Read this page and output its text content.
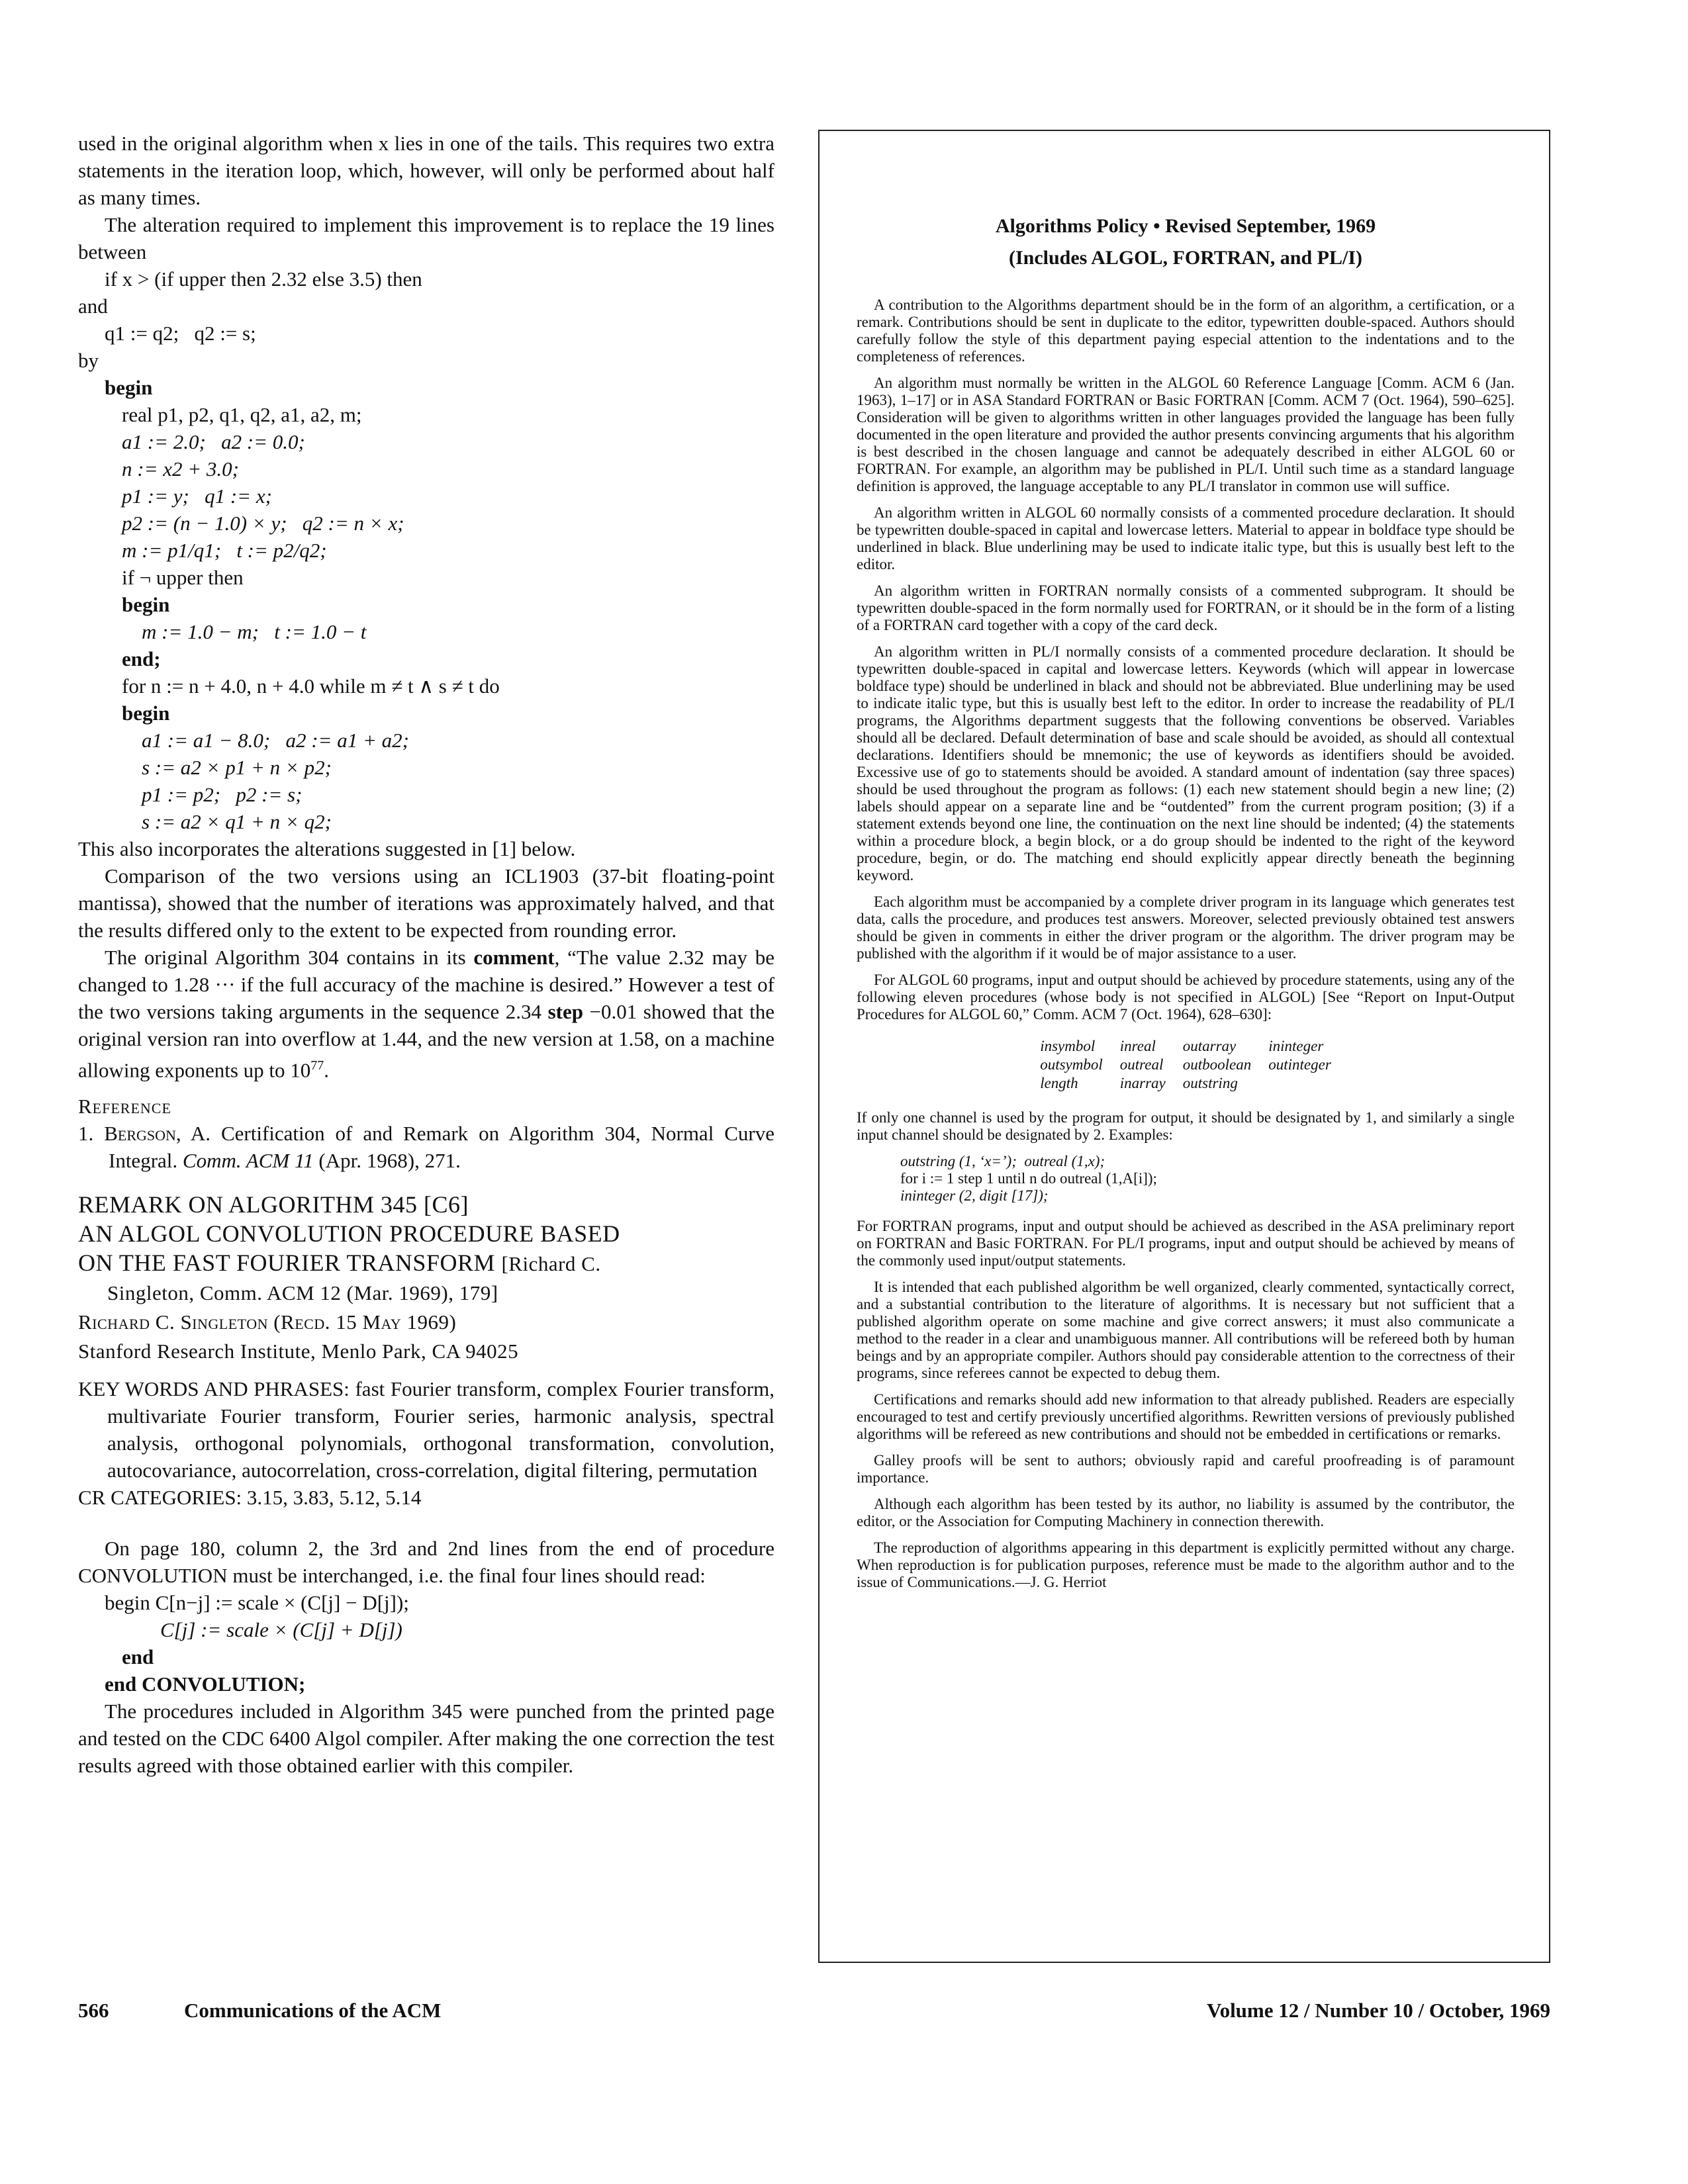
used in the original algorithm when x lies in one of the tails. This requires two extra statements in the iteration loop, which, however, will only be performed about half as many times.

The alteration required to implement this improvement is to replace the 19 lines between

if x > (if upper then 2.32 else 3.5) then

and

q1 := q2;   q2 := s;

by

begin
real p1, p2, q1, q2, a1, a2, m;
a1 := 2.0;   a2 := 0.0;
n := x2 + 3.0;
p1 := y;   q1 := x;
p2 := (n − 1.0) × y;   q2 := n × x;
m := p1/q1;   t := p2/q2;
if ¬ upper then
begin
m := 1.0 − m;   t := 1.0 − t
end;
for n := n + 4.0, n + 4.0 while m ≠ t ∧ s ≠ t do
begin
a1 := a1 − 8.0;   a2 := a1 + a2;
s := a2 × p1 + n × p2;
p1 := p2;   p2 := s;
s := a2 × q1 + n × q2;

This also incorporates the alterations suggested in [1] below.

Comparison of the two versions using an ICL1903 (37-bit floating-point mantissa), showed that the number of iterations was approximately halved, and that the results differed only to the extent to be expected from rounding error.

The original Algorithm 304 contains in its comment, “The value 2.32 may be changed to 1.28 ··· if the full accuracy of the machine is desired.” However a test of the two versions taking arguments in the sequence 2.34 step −0.01 showed that the original version ran into overflow at 1.44, and the new version at 1.58, on a machine allowing exponents up to $10^{77}$.

Reference

1. Bergson, A. Certification of and Remark on Algorithm 304, Normal Curve Integral. Comm. ACM 11 (Apr. 1968), 271.

REMARK ON ALGORITHM 345 [C6]
AN ALGOL CONVOLUTION PROCEDURE BASED
ON THE FAST FOURIER TRANSFORM [Richard C.
Singleton, Comm. ACM 12 (Mar. 1969), 179]
Richard C. Singleton (Recd. 15 May 1969)
Stanford Research Institute, Menlo Park, CA 94025

KEY WORDS AND PHRASES: fast Fourier transform, complex Fourier transform, multivariate Fourier transform, Fourier series, harmonic analysis, spectral analysis, orthogonal polynomials, orthogonal transformation, convolution, autocovariance, autocorrelation, cross-correlation, digital filtering, permutation

CR CATEGORIES: 3.15, 3.83, 5.12, 5.14

On page 180, column 2, the 3rd and 2nd lines from the end of procedure CONVOLUTION must be interchanged, i.e. the final four lines should read:

begin C[n−j] := scale × (C[j] − D[j]);
C[j] := scale × (C[j] + D[j])
end
end CONVOLUTION;

The procedures included in Algorithm 345 were punched from the printed page and tested on the CDC 6400 Algol compiler. After making the one correction the test results agreed with those obtained earlier with this compiler.

Algorithms Policy • Revised September, 1969
(Includes ALGOL, FORTRAN, and PL/I)

A contribution to the Algorithms department should be in the form of an algorithm, a certification, or a remark. Contributions should be sent in duplicate to the editor, typewritten double-spaced. Authors should carefully follow the style of this department paying especial attention to the indentations and to the completeness of references.

An algorithm must normally be written in the ALGOL 60 Reference Language [Comm. ACM 6 (Jan. 1963), 1–17] or in ASA Standard FORTRAN or Basic FORTRAN [Comm. ACM 7 (Oct. 1964), 590–625]. Consideration will be given to algorithms written in other languages provided the language has been fully documented in the open literature and provided the author presents convincing arguments that his algorithm is best described in the chosen language and cannot be adequately described in either ALGOL 60 or FORTRAN. For example, an algorithm may be published in PL/I. Until such time as a standard language definition is approved, the language acceptable to any PL/I translator in common use will suffice.

An algorithm written in ALGOL 60 normally consists of a commented procedure declaration. It should be typewritten double-spaced in capital and lowercase letters. Material to appear in boldface type should be underlined in black. Blue underlining may be used to indicate italic type, but this is usually best left to the editor.

An algorithm written in FORTRAN normally consists of a commented subprogram. It should be typewritten double-spaced in the form normally used for FORTRAN, or it should be in the form of a listing of a FORTRAN card together with a copy of the card deck.

An algorithm written in PL/I normally consists of a commented procedure declaration. It should be typewritten double-spaced in capital and lowercase letters. Keywords (which will appear in lowercase boldface type) should be underlined in black and should not be abbreviated. Blue underlining may be used to indicate italic type, but this is usually best left to the editor. In order to increase the readability of PL/I programs, the Algorithms department suggests that the following conventions be observed. Variables should all be declared. Default determination of base and scale should be avoided, as should all contextual declarations. Identifiers should be mnemonic; the use of keywords as identifiers should be avoided. Excessive use of go to statements should be avoided. A standard amount of indentation (say three spaces) should be used throughout the program as follows: (1) each new statement should begin a new line; (2) labels should appear on a separate line and be “outdented” from the current program position; (3) if a statement extends beyond one line, the continuation on the next line should be indented; (4) the statements within a procedure block, a begin block, or a do group should be indented to the right of the keyword procedure, begin, or do. The matching end should explicitly appear directly beneath the beginning keyword.

Each algorithm must be accompanied by a complete driver program in its language which generates test data, calls the procedure, and produces test answers. Moreover, selected previously obtained test answers should be given in comments in either the driver program or the algorithm. The driver program may be published with the algorithm if it would be of major assistance to a user.

For ALGOL 60 programs, input and output should be achieved by procedure statements, using any of the following eleven procedures (whose body is not specified in ALGOL) [See “Report on Input-Output Procedures for ALGOL 60,” Comm. ACM 7 (Oct. 1964), 628–630]:

insymbol	inreal	outarray	ininteger
outsymbol	outreal	outboolean	outinteger
length	inarray	outstring	

If only one channel is used by the program for output, it should be designated by 1, and similarly a single input channel should be designated by 2. Examples:

outstring (1, ‘x=’);  outreal (1,x);
for i := 1 step 1 until n do outreal (1,A[i]);
ininteger (2, digit [17]);

For FORTRAN programs, input and output should be achieved as described in the ASA preliminary report on FORTRAN and Basic FORTRAN. For PL/I programs, input and output should be achieved by means of the commonly used input/output statements.

It is intended that each published algorithm be well organized, clearly commented, syntactically correct, and a substantial contribution to the literature of algorithms. It is necessary but not sufficient that a published algorithm operate on some machine and give correct answers; it must also communicate a method to the reader in a clear and unambiguous manner. All contributions will be refereed both by human beings and by an appropriate compiler. Authors should pay considerable attention to the correctness of their programs, since referees cannot be expected to debug them.

Certifications and remarks should add new information to that already published. Readers are especially encouraged to test and certify previously uncertified algorithms. Rewritten versions of previously published algorithms will be refereed as new contributions and should not be embedded in certifications or remarks.

Galley proofs will be sent to authors; obviously rapid and careful proofreading is of paramount importance.

Although each algorithm has been tested by its author, no liability is assumed by the contributor, the editor, or the Association for Computing Machinery in connection therewith.

The reproduction of algorithms appearing in this department is explicitly permitted without any charge. When reproduction is for publication purposes, reference must be made to the algorithm author and to the issue of Communications.—J. G. Herriot

566	Communications of the ACM	Volume 12 / Number 10 / October, 1969
